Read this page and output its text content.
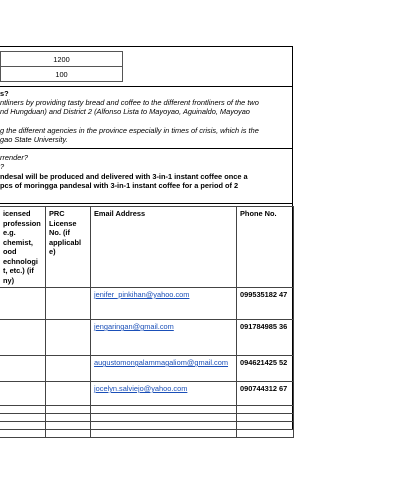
1200
100
s?
ntliners by providing tasty bread and coffee to the different frontliners of the two
nd Hungduan) and District 2 (Alfonso Lista to Mayoyao, Aguinaldo, Mayoyao
g the different agencies in the province especially in times of crisis, which is the
gao State University.
rrender?
?
ndesal will be produced and delivered with 3-in-1 instant coffee once a
pcs of moringga pandesal with 3-in-1 instant coffee for a period of 2
icensed profession e.g. chemist, ood echnologi t, etc.) (if ny)	PRC License No. (if applicabl e)	Email Address	Phone No.
		jenifer_pinkihan@yahoo.com	099535182 47
		jengaringan@gmail.com	091784985 36
		augustomongalammagaliom@gmail.com	094621425 52
		jocelyn.salviejo@yahoo.com	090744312 67
